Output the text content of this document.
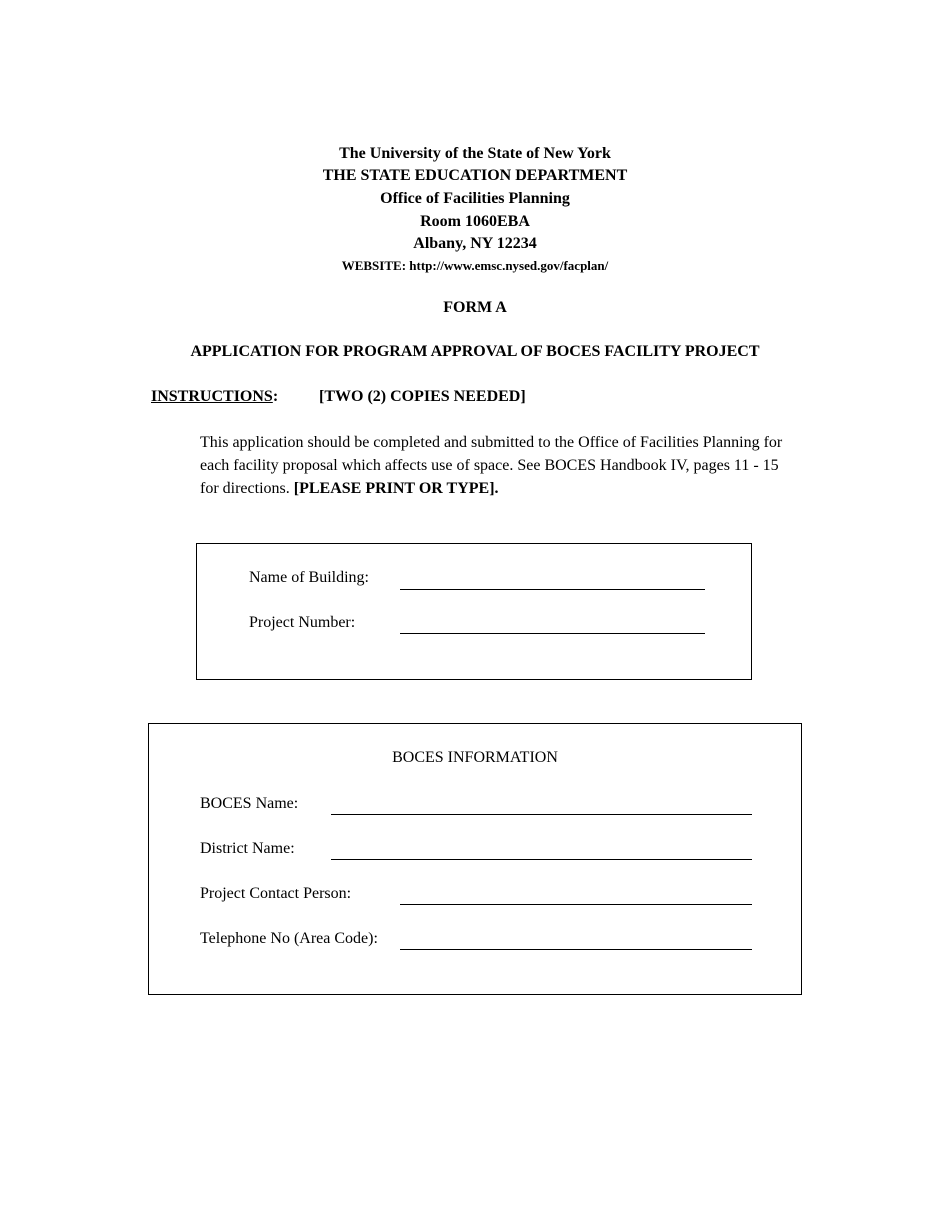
The University of the State of New York
THE STATE EDUCATION DEPARTMENT
Office of Facilities Planning
Room 1060EBA
Albany, NY 12234
WEBSITE: http://www.emsc.nysed.gov/facplan/
FORM A
APPLICATION FOR PROGRAM APPROVAL OF BOCES FACILITY PROJECT
INSTRUCTIONS:	[TWO (2) COPIES NEEDED]
This application should be completed and submitted to the Office of Facilities Planning for each facility proposal which affects use of space. See BOCES Handbook IV, pages 11 - 15 for directions. [PLEASE PRINT OR TYPE].
Name of Building:
Project Number:
BOCES INFORMATION
BOCES Name:
District Name:
Project Contact Person:
Telephone No (Area Code):
